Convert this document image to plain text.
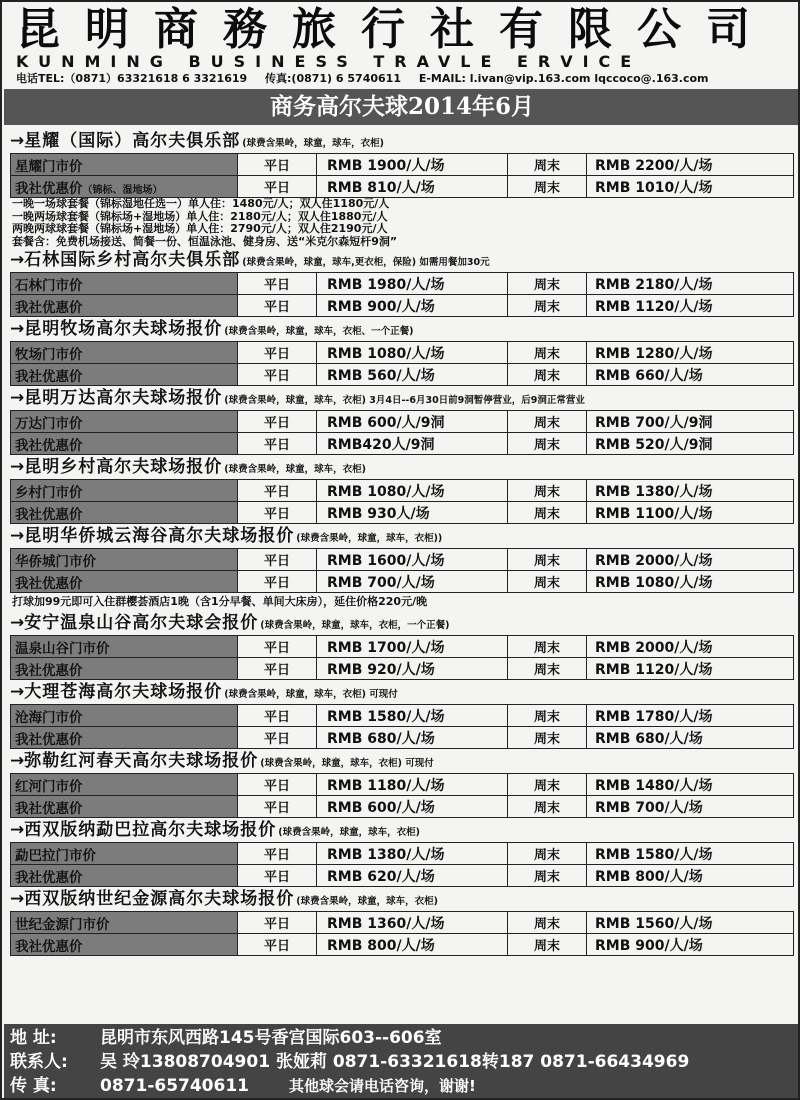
昆明商務旅行社有限公司
KUNMING BUSINESS TRAVLE ERVICE
电话TEL:（0871）63321618 6 3321619 传真:(0871) 6 5740611 E-MAIL: l.ivan@vip.163.com lqccoco@.163.com
商务高尔夫球2014年6月
→星耀（国际）高尔夫俱乐部 (球费含果岭，球童，球车，衣柜)
星耀门市价	平日	RMB 1900/人/场	周末	RMB 2200/人/场
我社优惠价（锦标、湿地场）	平日	RMB 810/人/场	周末	RMB 1010/人/场
一晚一场球套餐（锦标湿地任选一）单人住：1480元/人；双人住1180元/人
一晚两场球套餐（锦标场+湿地场）单人住：2180元/人；双人住1880元/人
两晚两球球套餐（锦标场+湿地场）单人住：2790元/人；双人住2190元/人
套餐含：免费机场接送、简餐一份、恒温泳池、健身房、送“米克尔森短杆9洞”
→石林国际乡村高尔夫俱乐部 (球费含果岭，球童，球车,更衣柜，保险) 如需用餐加30元
石林门市价	平日	RMB 1980/人/场	周末	RMB 2180/人/场
我社优惠价	平日	RMB 900/人/场	周末	RMB 1120/人/场
→昆明牧场高尔夫球场报价 (球费含果岭，球童，球车，衣柜、一个正餐)
牧场门市价	平日	RMB 1080/人/场	周末	RMB 1280/人/场
我社优惠价	平日	RMB 560/人/场	周末	RMB 660/人/场
→昆明万达高尔夫球场报价 (球费含果岭，球童，球车，衣柜) 3月4日--6月30日前9洞暂停营业，后9洞正常营业
万达门市价	平日	RMB 600/人/9洞	周末	RMB 700/人/9洞
我社优惠价	平日	RMB420人/9洞	周末	RMB 520/人/9洞
→昆明乡村高尔夫球场报价 (球费含果岭，球童，球车，衣柜)
乡村门市价	平日	RMB 1080/人/场	周末	RMB 1380/人/场
我社优惠价	平日	RMB 930人/场	周末	RMB 1100/人/场
→昆明华侨城云海谷高尔夫球场报价 (球费含果岭，球童，球车，衣柜))
华侨城门市价	平日	RMB 1600/人/场	周末	RMB 2000/人/场
我社优惠价	平日	RMB 700/人/场	周末	RMB 1080/人/场
打球加99元即可入住群樱荟酒店1晚（含1分早餐、单间大床房），延住价格220元/晚
→安宁温泉山谷高尔夫球会报价 (球费含果岭，球童，球车，衣柜，一个正餐)
温泉山谷门市价	平日	RMB 1700/人/场	周末	RMB 2000/人/场
我社优惠价	平日	RMB 920/人/场	周末	RMB 1120/人/场
→大理苍海高尔夫球场报价 (球费含果岭，球童，球车，衣柜) 可现付
沧海门市价	平日	RMB 1580/人/场	周末	RMB 1780/人/场
我社优惠价	平日	RMB 680/人/场	周末	RMB 680/人/场
→弥勒红河春天高尔夫球场报价 (球费含果岭，球童，球车，衣柜) 可现付
红河门市价	平日	RMB 1180/人/场	周末	RMB 1480/人/场
我社优惠价	平日	RMB 600/人/场	周末	RMB 700/人/场
→西双版纳勐巴拉高尔夫球场报价 (球费含果岭，球童，球车，衣柜)
勐巴拉门市价	平日	RMB 1380/人/场	周末	RMB 1580/人/场
我社优惠价	平日	RMB 620/人/场	周末	RMB 800/人/场
→西双版纳世纪金源高尔夫球场报价 (球费含果岭，球童，球车，衣柜)
世纪金源门市价	平日	RMB 1360/人/场	周末	RMB 1560/人/场
我社优惠价	平日	RMB 800/人/场	周末	RMB 900/人/场
地 址:	昆明市东风西路145号香宫国际603--606室
联系人: 吴 玲13808704901 张娅莉 0871-63321618转187 0871-66434969
传 真:	0871-65740611	其他球会请电话咨询，谢谢!
